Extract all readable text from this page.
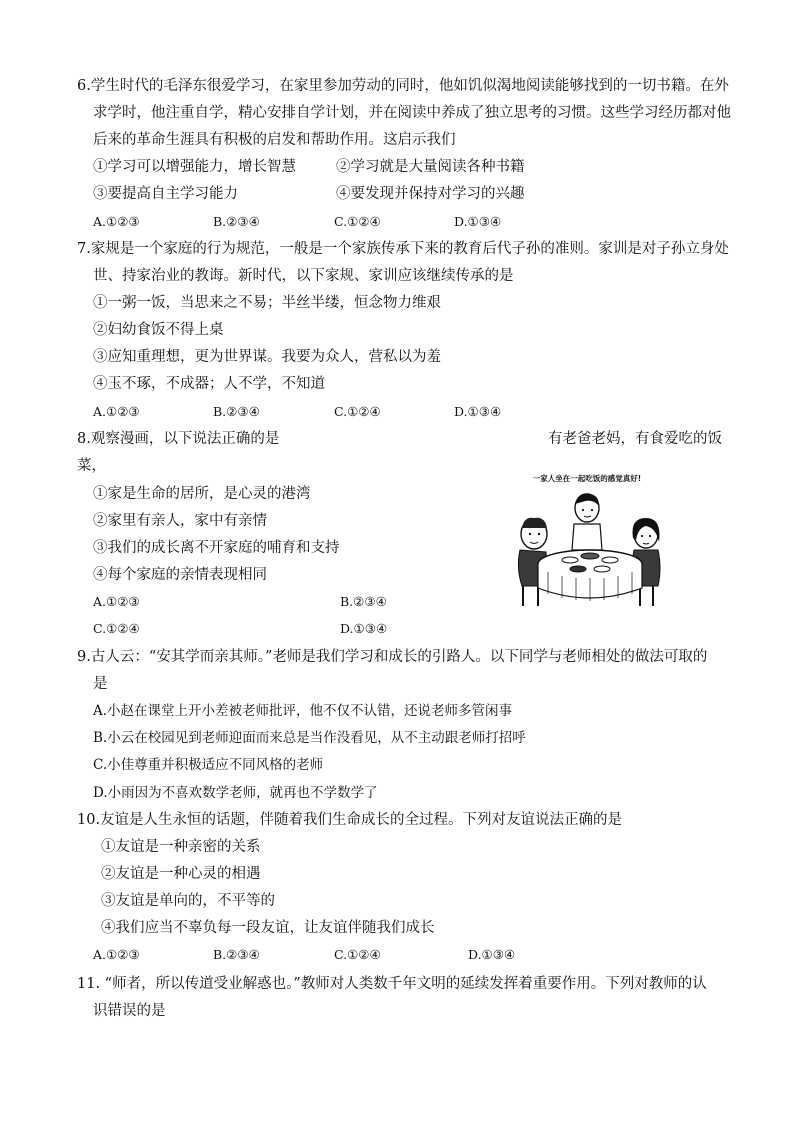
6.学生时代的毛泽东很爱学习，在家里参加劳动的同时，他如饥似渴地阅读能够找到的一切书籍。在外
求学时，他注重自学，精心安排自学计划，并在阅读中养成了独立思考的习惯。这些学习经历都对他
后来的革命生涯具有积极的启发和帮助作用。这启示我们
①学习可以增强能力，增长智慧	②学习就是大量阅读各种书籍
③要提高自主学习能力	④要发现并保持对学习的兴趣
A.①②③	B.②③④	C.①②④	D.①③④
7.家规是一个家庭的行为规范，一般是一个家族传承下来的教育后代子孙的准则。家训是对子孙立身处
世、持家治业的教诲。新时代，以下家规、家训应该继续传承的是
①一粥一饭，当思来之不易；半丝半缕，恒念物力维艰
②妇幼食饭不得上桌
③应知重理想，更为世界谋。我要为众人，营私以为羞
④玉不琢，不成器；人不学，不知道
A.①②③	B.②③④	C.①②④	D.①③④
8.观察漫画，以下说法正确的是	有老爸老妈，有食爱吃的饭
菜，
①家是生命的居所，是心灵的港湾
②家里有亲人，家中有亲情
③我们的成长离不开家庭的哺育和支持
④每个家庭的亲情表现相同
A.①②③	B.②③④
C.①②④	D.①③④
一家人坐在一起吃饭的感觉真好!
9.古人云：“安其学而亲其师。”老师是我们学习和成长的引路人。以下同学与老师相处的做法可取的
是
A.小赵在课堂上开小差被老师批评，他不仅不认错，还说老师多管闲事
B.小云在校园见到老师迎面而来总是当作没看见，从不主动跟老师打招呼
C.小佳尊重并积极适应不同风格的老师
D.小雨因为不喜欢数学老师，就再也不学数学了
10.友谊是人生永恒的话题，伴随着我们生命成长的全过程。下列对友谊说法正确的是
①友谊是一种亲密的关系
②友谊是一种心灵的相遇
③友谊是单向的，不平等的
④我们应当不辜负每一段友谊，让友谊伴随我们成长
A.①②③	B.②③④	C.①②④	D.①③④
11. “师者，所以传道受业解惑也。”教师对人类数千年文明的延续发挥着重要作用。下列对教师的认
识错误的是
